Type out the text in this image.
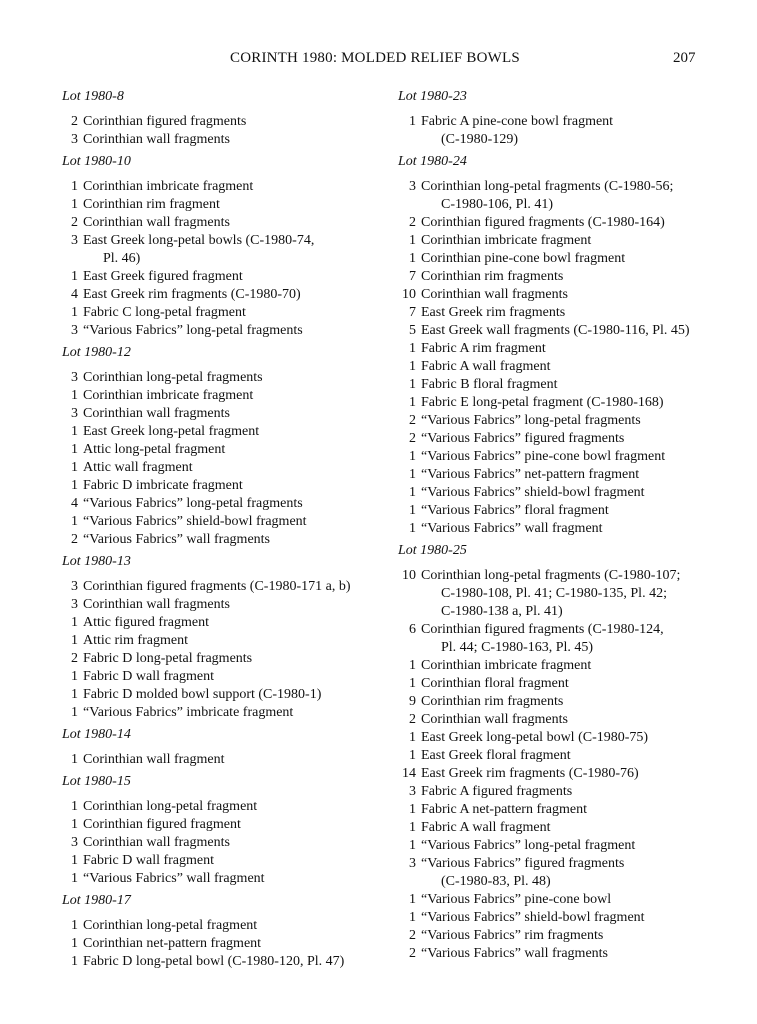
CORINTH 1980: MOLDED RELIEF BOWLS	207
Lot 1980-8
2 Corinthian figured fragments
3 Corinthian wall fragments
Lot 1980-10
1 Corinthian imbricate fragment
1 Corinthian rim fragment
2 Corinthian wall fragments
3 East Greek long-petal bowls (C-1980-74,
Pl. 46)
1 East Greek figured fragment
4 East Greek rim fragments (C-1980-70)
1 Fabric C long-petal fragment
3 “Various Fabrics” long-petal fragments
Lot 1980-12
3 Corinthian long-petal fragments
1 Corinthian imbricate fragment
3 Corinthian wall fragments
1 East Greek long-petal fragment
1 Attic long-petal fragment
1 Attic wall fragment
1 Fabric D imbricate fragment
4 “Various Fabrics” long-petal fragments
1 “Various Fabrics” shield-bowl fragment
2 “Various Fabrics” wall fragments
Lot 1980-13
3 Corinthian figured fragments (C-1980-171 a, b)
3 Corinthian wall fragments
1 Attic figured fragment
1 Attic rim fragment
2 Fabric D long-petal fragments
1 Fabric D wall fragment
1 Fabric D molded bowl support (C-1980-1)
1 “Various Fabrics” imbricate fragment
Lot 1980-14
1 Corinthian wall fragment
Lot 1980-15
1 Corinthian long-petal fragment
1 Corinthian figured fragment
3 Corinthian wall fragments
1 Fabric D wall fragment
1 “Various Fabrics” wall fragment
Lot 1980-17
1 Corinthian long-petal fragment
1 Corinthian net-pattern fragment
1 Fabric D long-petal bowl (C-1980-120, Pl. 47)
Lot 1980-23
1 Fabric A pine-cone bowl fragment
(C-1980-129)
Lot 1980-24
3 Corinthian long-petal fragments (C-1980-56;
C-1980-106, Pl. 41)
2 Corinthian figured fragments (C-1980-164)
1 Corinthian imbricate fragment
1 Corinthian pine-cone bowl fragment
7 Corinthian rim fragments
10 Corinthian wall fragments
7 East Greek rim fragments
5 East Greek wall fragments (C-1980-116, Pl. 45)
1 Fabric A rim fragment
1 Fabric A wall fragment
1 Fabric B floral fragment
1 Fabric E long-petal fragment (C-1980-168)
2 “Various Fabrics” long-petal fragments
2 “Various Fabrics” figured fragments
1 “Various Fabrics” pine-cone bowl fragment
1 “Various Fabrics” net-pattern fragment
1 “Various Fabrics” shield-bowl fragment
1 “Various Fabrics” floral fragment
1 “Various Fabrics” wall fragment
Lot 1980-25
10 Corinthian long-petal fragments (C-1980-107;
C-1980-108, Pl. 41; C-1980-135, Pl. 42;
C-1980-138 a, Pl. 41)
6 Corinthian figured fragments (C-1980-124,
Pl. 44; C-1980-163, Pl. 45)
1 Corinthian imbricate fragment
1 Corinthian floral fragment
9 Corinthian rim fragments
2 Corinthian wall fragments
1 East Greek long-petal bowl (C-1980-75)
1 East Greek floral fragment
14 East Greek rim fragments (C-1980-76)
3 Fabric A figured fragments
1 Fabric A net-pattern fragment
1 Fabric A wall fragment
1 “Various Fabrics” long-petal fragment
3 “Various Fabrics” figured fragments
(C-1980-83, Pl. 48)
1 “Various Fabrics” pine-cone bowl
1 “Various Fabrics” shield-bowl fragment
2 “Various Fabrics” rim fragments
2 “Various Fabrics” wall fragments
